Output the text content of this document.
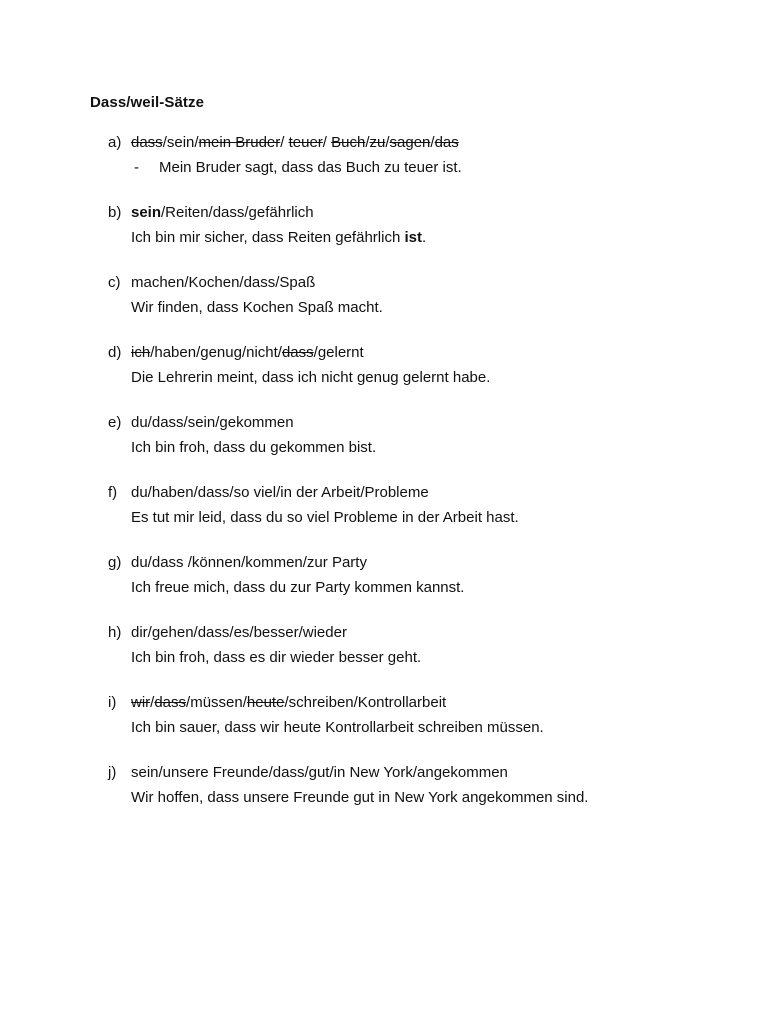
Dass/weil-Sätze
a) dass/sein/mein Bruder/ teuer/ Buch/zu/sagen/das
- Mein Bruder sagt, dass das Buch zu teuer ist.
b) sein/Reiten/dass/gefährlich
Ich bin mir sicher, dass Reiten gefährlich ist.
c) machen/Kochen/dass/Spaß
Wir finden, dass Kochen Spaß macht.
d) ich/haben/genug/nicht/dass/gelernt
Die Lehrerin meint, dass ich nicht genug gelernt habe.
e) du/dass/sein/gekommen
Ich bin froh, dass du gekommen bist.
f) du/haben/dass/so viel/in der Arbeit/Probleme
Es tut mir leid, dass du so viel Probleme in der Arbeit hast.
g) du/dass /können/kommen/zur Party
Ich freue mich, dass du zur Party kommen kannst.
h) dir/gehen/dass/es/besser/wieder
Ich bin froh, dass es dir wieder besser geht.
i) wir/dass/müssen/heute/schreiben/Kontrollarbeit
Ich bin sauer, dass wir heute Kontrollarbeit schreiben müssen.
j) sein/unsere Freunde/dass/gut/in New York/angekommen
Wir hoffen, dass unsere Freunde gut in New York angekommen sind.
